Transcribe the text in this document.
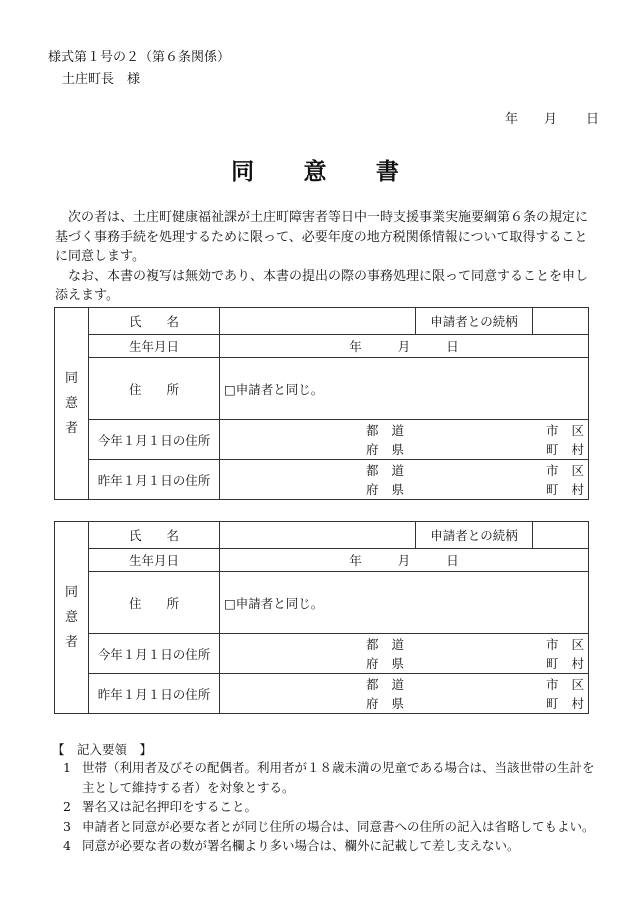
様式第１号の２（第６条関係）
土庄町長　様
年 月 日
同 意 書

次の者は、土庄町健康福祉課が土庄町障害者等日中一時支援事業実施要綱第６条の規定に基づく事務手続を処理するために限って、必要年度の地方税関係情報について取得することに同意します。

なお、本書の複写は無効であり、本書の提出の際の事務処理に限って同意することを申し添えます。

同
意
者	氏　　名		申請者との続柄	
	生年月日	年 月 日		
	住　　所	□申請者と同じ。		
	今年１月１日の住所	都　道 市　区
府　県 町　村		

	昨年１月１日の住所	都　道 市　区
府　県 町　村		
同
意
者	氏　　名		申請者との続柄	
	生年月日	年 月 日		
	住　　所	□申請者と同じ。		
	今年１月１日の住所	都　道 市　区
府　県 町　村		

	昨年１月１日の住所	都　道 市　区
府　県 町　村		
【　記入要領　】
1 世帯（利用者及びその配偶者。利用者が１８歳未満の児童である場合は、当該世帯の生計を主として維持する者）を対象とする。
2 署名又は記名押印をすること。
3 申請者と同意が必要な者とが同じ住所の場合は、同意書への住所の記入は省略してもよい。
4 同意が必要な者の数が署名欄より多い場合は、欄外に記載して差し支えない。
